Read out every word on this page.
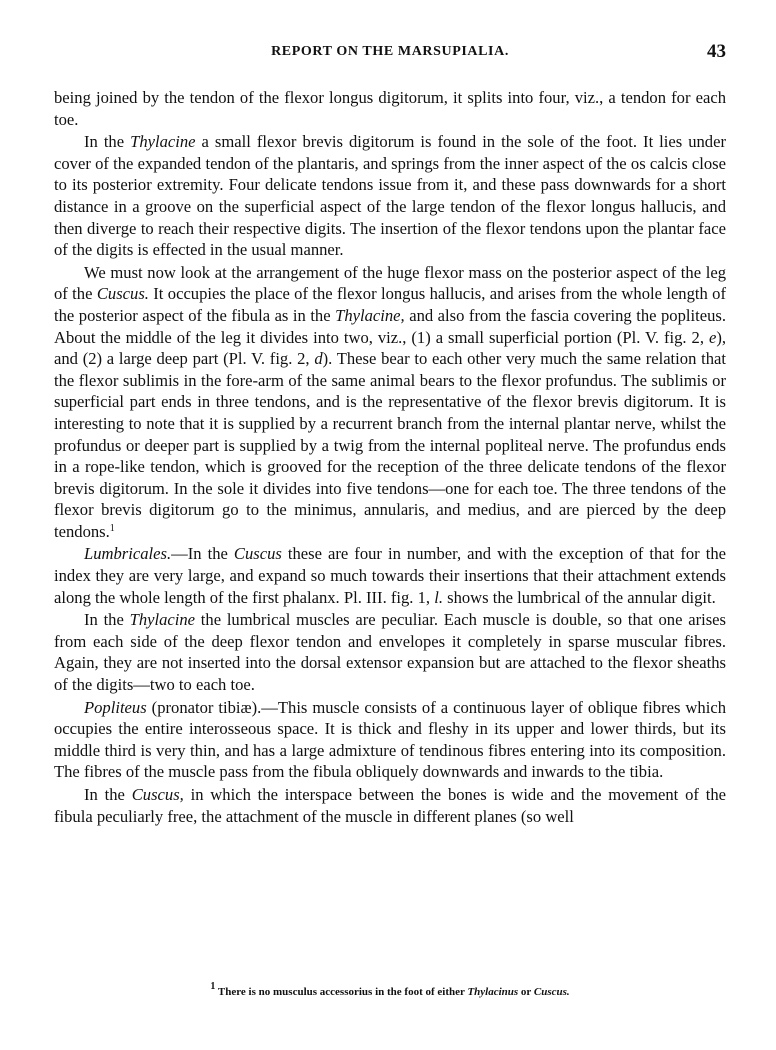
REPORT ON THE MARSUPIALIA.	43

being joined by the tendon of the flexor longus digitorum, it splits into four, viz., a tendon for each toe.

In the Thylacine a small flexor brevis digitorum is found in the sole of the foot. It lies under cover of the expanded tendon of the plantaris, and springs from the inner aspect of the os calcis close to its posterior extremity. Four delicate tendons issue from it, and these pass downwards for a short distance in a groove on the superficial aspect of the large tendon of the flexor longus hallucis, and then diverge to reach their respective digits. The insertion of the flexor tendons upon the plantar face of the digits is effected in the usual manner.

We must now look at the arrangement of the huge flexor mass on the posterior aspect of the leg of the Cuscus. It occupies the place of the flexor longus hallucis, and arises from the whole length of the posterior aspect of the fibula as in the Thylacine, and also from the fascia covering the popliteus. About the middle of the leg it divides into two, viz., (1) a small superficial portion (Pl. V. fig. 2, e), and (2) a large deep part (Pl. V. fig. 2, d). These bear to each other very much the same relation that the flexor sublimis in the fore-arm of the same animal bears to the flexor profundus. The sublimis or superficial part ends in three tendons, and is the representative of the flexor brevis digitorum. It is interesting to note that it is supplied by a recurrent branch from the internal plantar nerve, whilst the profundus or deeper part is supplied by a twig from the internal popliteal nerve. The profundus ends in a rope-like tendon, which is grooved for the reception of the three delicate tendons of the flexor brevis digitorum. In the sole it divides into five tendons—one for each toe. The three tendons of the flexor brevis digitorum go to the minimus, annularis, and medius, and are pierced by the deep tendons.$^1$

Lumbricales.—In the Cuscus these are four in number, and with the exception of that for the index they are very large, and expand so much towards their insertions that their attachment extends along the whole length of the first phalanx. Pl. III. fig. 1, l. shows the lumbrical of the annular digit.

In the Thylacine the lumbrical muscles are peculiar. Each muscle is double, so that one arises from each side of the deep flexor tendon and envelopes it completely in sparse muscular fibres. Again, they are not inserted into the dorsal extensor expansion but are attached to the flexor sheaths of the digits—two to each toe.

Popliteus (pronator tibiæ).—This muscle consists of a continuous layer of oblique fibres which occupies the entire interosseous space. It is thick and fleshy in its upper and lower thirds, but its middle third is very thin, and has a large admixture of tendinous fibres entering into its composition. The fibres of the muscle pass from the fibula obliquely downwards and inwards to the tibia.

In the Cuscus, in which the interspace between the bones is wide and the movement of the fibula peculiarly free, the attachment of the muscle in different planes (so well

$^1$ There is no musculus accessorius in the foot of either Thylacinus or Cuscus.
